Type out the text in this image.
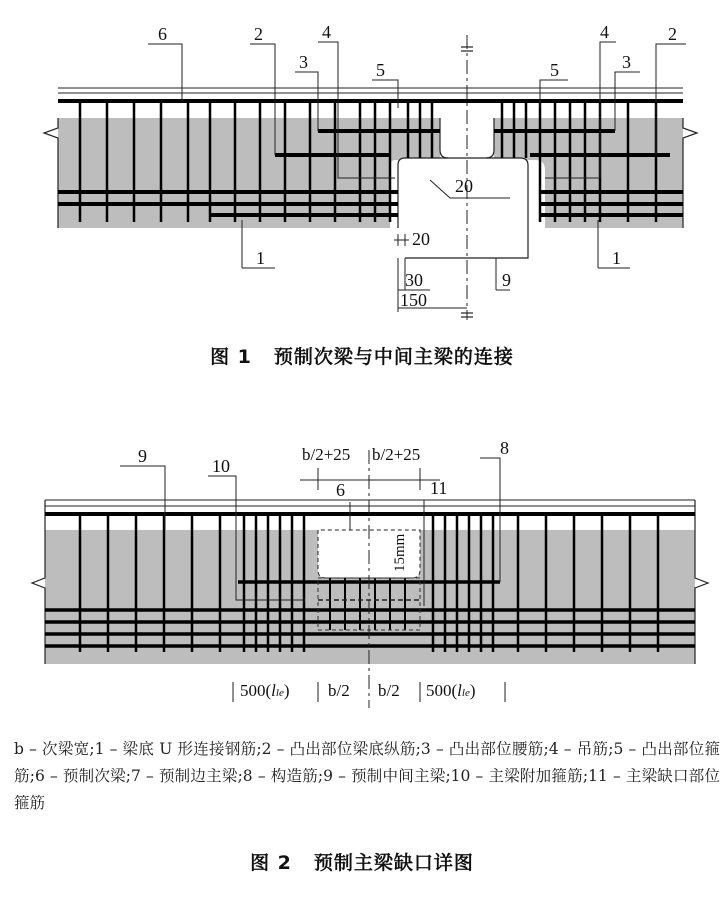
6	2	4
3	5	5
4
3
2
1	1
9
20
20
30
150
图 1 预制次梁与中间主梁的连接
9	10
6	11
8
15mm
b/2+25 b/2+25
500(lle) b/2 b/2 500(lle)
b – 次梁宽;1 – 梁底 U 形连接钢筋;2 – 凸出部位梁底纵筋;3 – 凸出部位腰筋;4 – 吊筋;5 – 凸出部位箍筋;6 – 预制次梁;7 – 预制边主梁;8 – 构造筋;9 – 预制中间主梁;10 – 主梁附加箍筋;11 – 主梁缺口部位箍筋
图 2 预制主梁缺口详图
